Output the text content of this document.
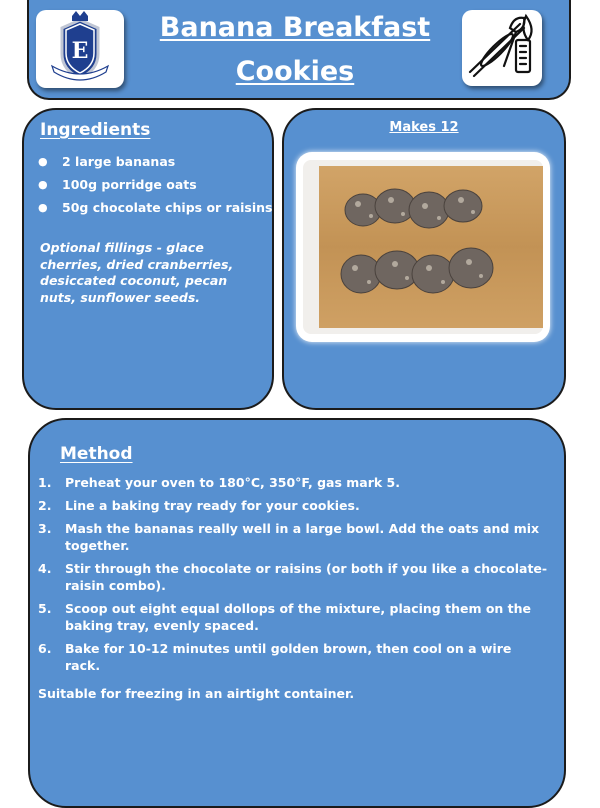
E
Banana Breakfast
Cookies
Ingredients
●	2 large bananas
●	100g porridge oats
●	50g chocolate chips or raisins
Optional fillings - glace cherries, dried cranberries, desiccated coconut, pecan nuts, sunflower seeds.
Makes 12
Method
1.	Preheat your oven to 180°C, 350°F, gas mark 5.
2.	Line a baking tray ready for your cookies.
3.	Mash the bananas really well in a large bowl. Add the oats and mix together.
4.	Stir through the chocolate or raisins (or both if you like a chocolate-raisin combo).
5.	Scoop out eight equal dollops of the mixture, placing them on the baking tray, evenly spaced.
6.	Bake for 10-12 minutes until golden brown, then cool on a wire rack.
Suitable for freezing in an airtight container.
